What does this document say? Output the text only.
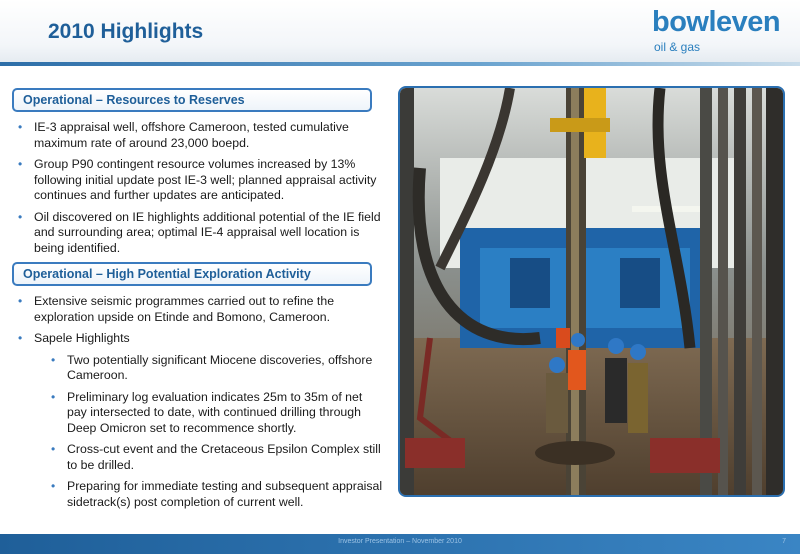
2010 Highlights	bowleven
oil & gas
Operational – Resources to Reserves
• IE-3 appraisal well, offshore Cameroon, tested cumulative maximum rate of around 23,000 boepd.
• Group P90 contingent resource volumes increased by 13% following initial update post IE-3 well; planned appraisal activity continues and further updates are anticipated.
• Oil discovered on IE highlights additional potential of the IE field and surrounding area; optimal IE-4 appraisal well location is being identified.
Operational – High Potential Exploration Activity
• Extensive seismic programmes carried out to refine the exploration upside on Etinde and Bomono, Cameroon.
• Sapele Highlights
• Two potentially significant Miocene discoveries, offshore Cameroon.
• Preliminary log evaluation indicates 25m to 35m of net pay intersected to date, with continued drilling through Deep Omicron set to recommence shortly.
• Cross-cut event and the Cretaceous Epsilon Complex still to be drilled.
• Preparing for immediate testing and subsequent appraisal sidetrack(s) post completion of current well.
Investor Presentation – November 2010	7
